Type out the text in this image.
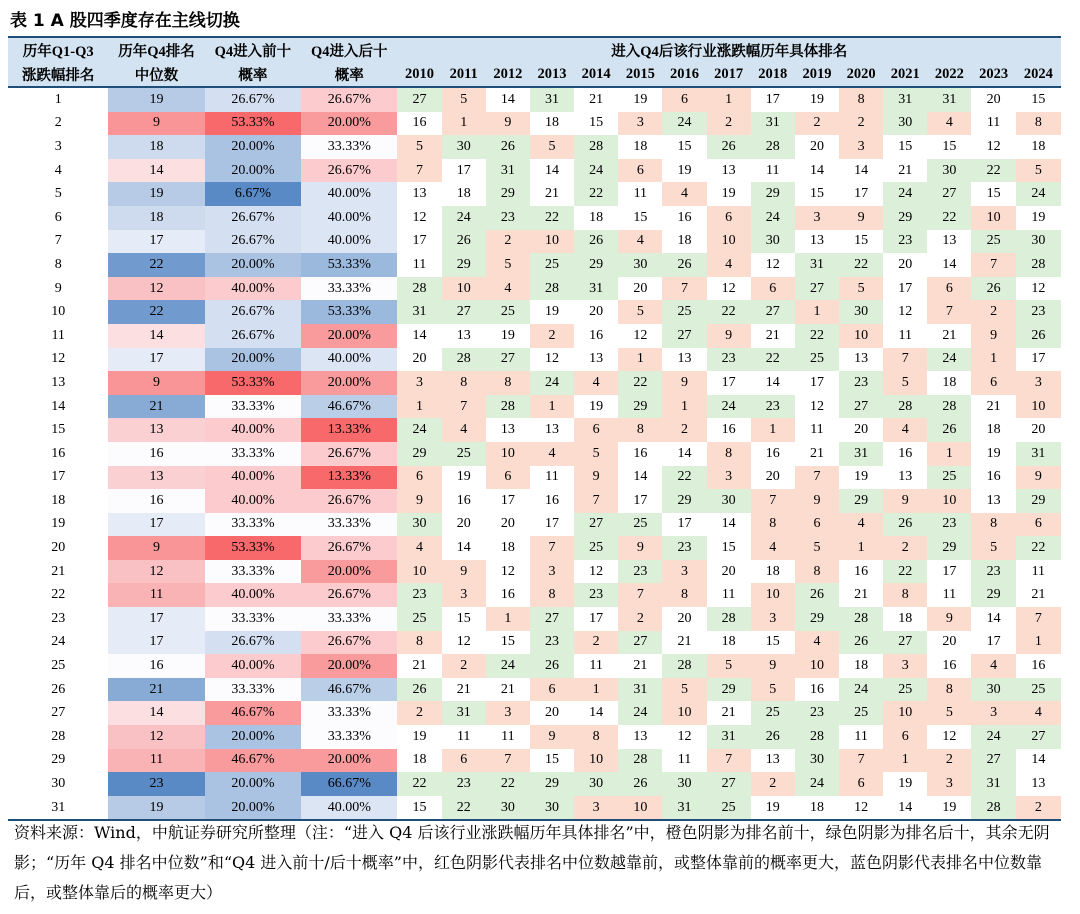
表 1 A 股四季度存在主线切换
历年Q1-Q3	历年Q4排名	Q4进入前十	Q4进入后十	进入Q4后该行业涨跌幅历年具体排名														
涨跌幅排名	中位数	概率	概率	2010	2011	2012	2013	2014	2015	2016	2017	2018	2019	2020	2021	2022	2023	2024
1	19	26.67%	26.67%	27	5	14	31	21	19	6	1	17	19	8	31	31	20	15
2	9	53.33%	20.00%	16	1	9	18	15	3	24	2	31	2	2	30	4	11	8
3	18	20.00%	33.33%	5	30	26	5	28	18	15	26	28	20	3	15	15	12	18
4	14	20.00%	26.67%	7	17	31	14	24	6	19	13	11	14	14	21	30	22	5
5	19	6.67%	40.00%	13	18	29	21	22	11	4	19	29	15	17	24	27	15	24
6	18	26.67%	40.00%	12	24	23	22	18	15	16	6	24	3	9	29	22	10	19
7	17	26.67%	40.00%	17	26	2	10	26	4	18	10	30	13	15	23	13	25	30
8	22	20.00%	53.33%	11	29	5	25	29	30	26	4	12	31	22	20	14	7	28
9	12	40.00%	33.33%	28	10	4	28	31	20	7	12	6	27	5	17	6	26	12
10	22	26.67%	53.33%	31	27	25	19	20	5	25	22	27	1	30	12	7	2	23
11	14	26.67%	20.00%	14	13	19	2	16	12	27	9	21	22	10	11	21	9	26
12	17	20.00%	40.00%	20	28	27	12	13	1	13	23	22	25	13	7	24	1	17
13	9	53.33%	20.00%	3	8	8	24	4	22	9	17	14	17	23	5	18	6	3
14	21	33.33%	46.67%	1	7	28	1	19	29	1	24	23	12	27	28	28	21	10
15	13	40.00%	13.33%	24	4	13	13	6	8	2	16	1	11	20	4	26	18	20
16	16	33.33%	26.67%	29	25	10	4	5	16	14	8	16	21	31	16	1	19	31
17	13	40.00%	13.33%	6	19	6	11	9	14	22	3	20	7	19	13	25	16	9
18	16	40.00%	26.67%	9	16	17	16	7	17	29	30	7	9	29	9	10	13	29
19	17	33.33%	33.33%	30	20	20	17	27	25	17	14	8	6	4	26	23	8	6
20	9	53.33%	26.67%	4	14	18	7	25	9	23	15	4	5	1	2	29	5	22
21	12	33.33%	20.00%	10	9	12	3	12	23	3	20	18	8	16	22	17	23	11
22	11	40.00%	26.67%	23	3	16	8	23	7	8	11	10	26	21	8	11	29	21
23	17	33.33%	33.33%	25	15	1	27	17	2	20	28	3	29	28	18	9	14	7
24	17	26.67%	26.67%	8	12	15	23	2	27	21	18	15	4	26	27	20	17	1
25	16	40.00%	20.00%	21	2	24	26	11	21	28	5	9	10	18	3	16	4	16
26	21	33.33%	46.67%	26	21	21	6	1	31	5	29	5	16	24	25	8	30	25
27	14	46.67%	33.33%	2	31	3	20	14	24	10	21	25	23	25	10	5	3	4
28	12	20.00%	33.33%	19	11	11	9	8	13	12	31	26	28	11	6	12	24	27
29	11	46.67%	20.00%	18	6	7	15	10	28	11	7	13	30	7	1	2	27	14
30	23	20.00%	66.67%	22	23	22	29	30	26	30	27	2	24	6	19	3	31	13
31	19	20.00%	40.00%	15	22	30	30	3	10	31	25	19	18	12	14	19	28	2
资料来源：Wind，中航证券研究所整理（注：“进入 Q4 后该行业涨跌幅历年具体排名”中，橙色阴影为排名前十，绿色阴影为排名后十，其余无阴影；“历年 Q4 排名中位数”和“Q4 进入前十/后十概率”中，红色阴影代表排名中位数越靠前，或整体靠前的概率更大，蓝色阴影代表排名中位数靠后，或整体靠后的概率更大）
